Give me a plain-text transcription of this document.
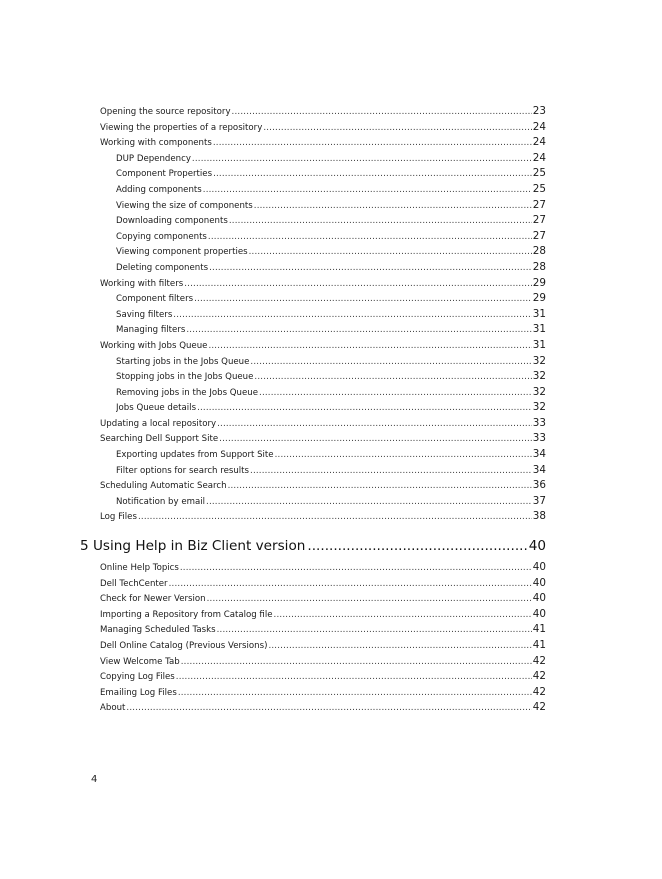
Opening the source repository .....	23
Viewing the properties of a repository .....	24
Working with components .....	24
DUP Dependency .....	24
Component Properties .....	25
Adding components .....	25
Viewing the size of components .....	27
Downloading components .....	27
Copying components .....	27
Viewing component properties .....	28
Deleting components .....	28
Working with filters .....	29
Component filters .....	29
Saving filters .....	31
Managing filters .....	31
Working with Jobs Queue .....	31
Starting jobs in the Jobs Queue .....	32
Stopping jobs in the Jobs Queue .....	32
Removing jobs in the Jobs Queue .....	32
Jobs Queue details .....	32
Updating a local repository .....	33
Searching Dell Support Site .....	33
Exporting updates from Support Site .....	34
Filter options for search results .....	34
Scheduling Automatic Search .....	36
Notification by email .....	37
Log Files .....	38
5 Using Help in Biz Client version .....	40
Online Help Topics .....	40
Dell TechCenter .....	40
Check for Newer Version .....	40
Importing a Repository from Catalog file .....	40
Managing Scheduled Tasks .....	41
Dell Online Catalog (Previous Versions) .....	41
View Welcome Tab .....	42
Copying Log Files .....	42
Emailing Log Files .....	42
About .....	42
4
